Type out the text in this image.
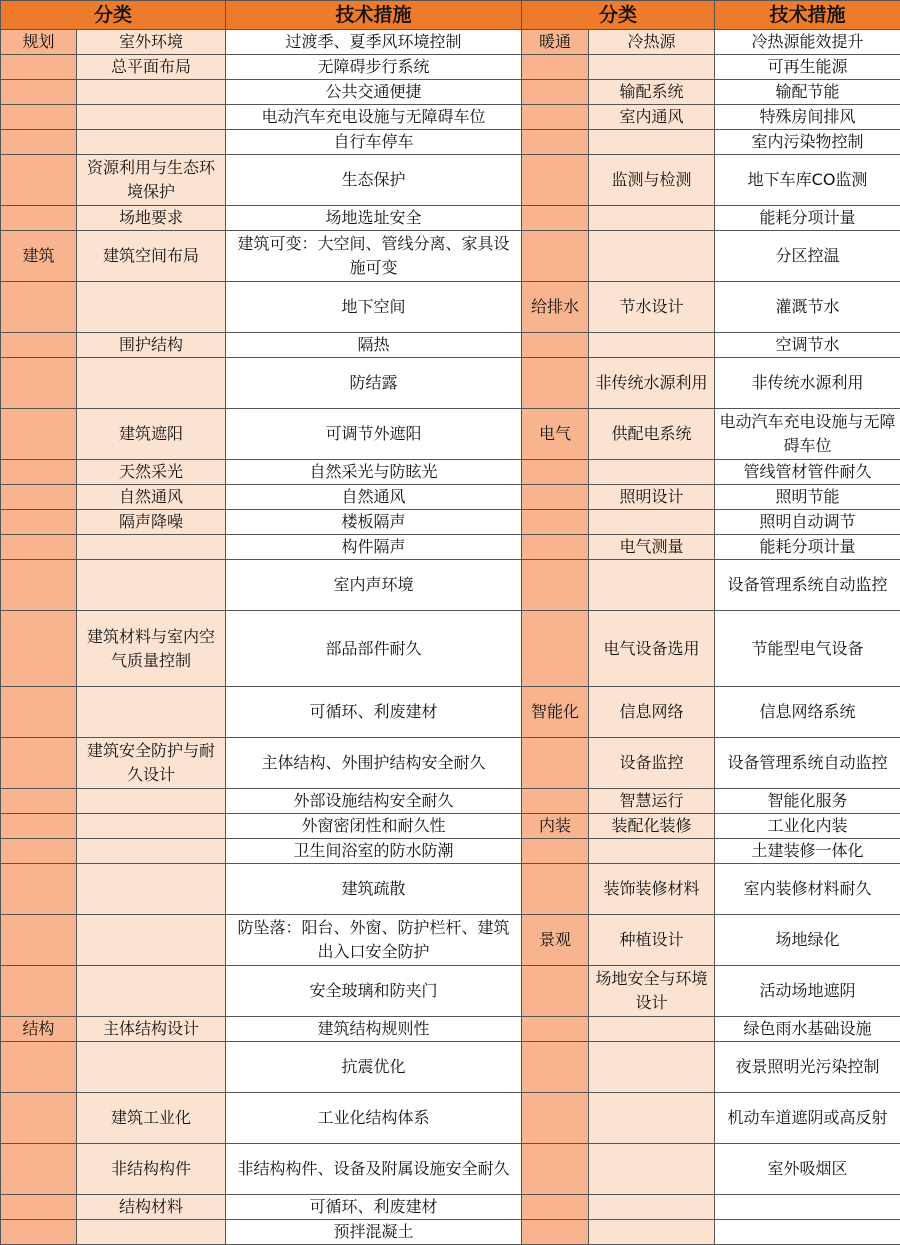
分类		技术措施		分类		技术措施
规划	室外环境	过渡季、夏季风环境控制		暖通	冷热源	冷热源能效提升
	总平面布局	无障碍步行系统				可再生能源
		公共交通便捷			输配系统	输配节能
		电动汽车充电设施与无障碍车位			室内通风	特殊房间排风
		自行车停车				室内污染物控制
	资源利用与生态环境保护	生态保护			监测与检测	地下车库CO监测
	场地要求	场地选址安全				能耗分项计量
建筑	建筑空间布局	建筑可变：大空间、管线分离、家具设施可变				分区控温
		地下空间		给排水	节水设计	灌溉节水
	围护结构	隔热				空调节水
		防结露			非传统水源利用	非传统水源利用
	建筑遮阳	可调节外遮阳		电气	供配电系统	电动汽车充电设施与无障碍车位
	天然采光	自然采光与防眩光				管线管材管件耐久
	自然通风	自然通风			照明设计	照明节能
	隔声降噪	楼板隔声				照明自动调节
		构件隔声			电气测量	能耗分项计量
		室内声环境				设备管理系统自动监控
	建筑材料与室内空气质量控制	部品部件耐久			电气设备选用	节能型电气设备
		可循环、利废建材		智能化	信息网络	信息网络系统
	建筑安全防护与耐久设计	主体结构、外围护结构安全耐久			设备监控	设备管理系统自动监控
		外部设施结构安全耐久			智慧运行	智能化服务
		外窗密闭性和耐久性		内装	装配化装修	工业化内装
		卫生间浴室的防水防潮				土建装修一体化
		建筑疏散			装饰装修材料	室内装修材料耐久
		防坠落：阳台、外窗、防护栏杆、建筑出入口安全防护		景观	种植设计	场地绿化
		安全玻璃和防夹门			场地安全与环境设计	活动场地遮阴
结构	主体结构设计	建筑结构规则性				绿色雨水基础设施
		抗震优化				夜景照明光污染控制
	建筑工业化	工业化结构体系				机动车道遮阴或高反射
	非结构构件	非结构构件、设备及附属设施安全耐久				室外吸烟区
	结构材料	可循环、利废建材				
		预拌混凝土				
